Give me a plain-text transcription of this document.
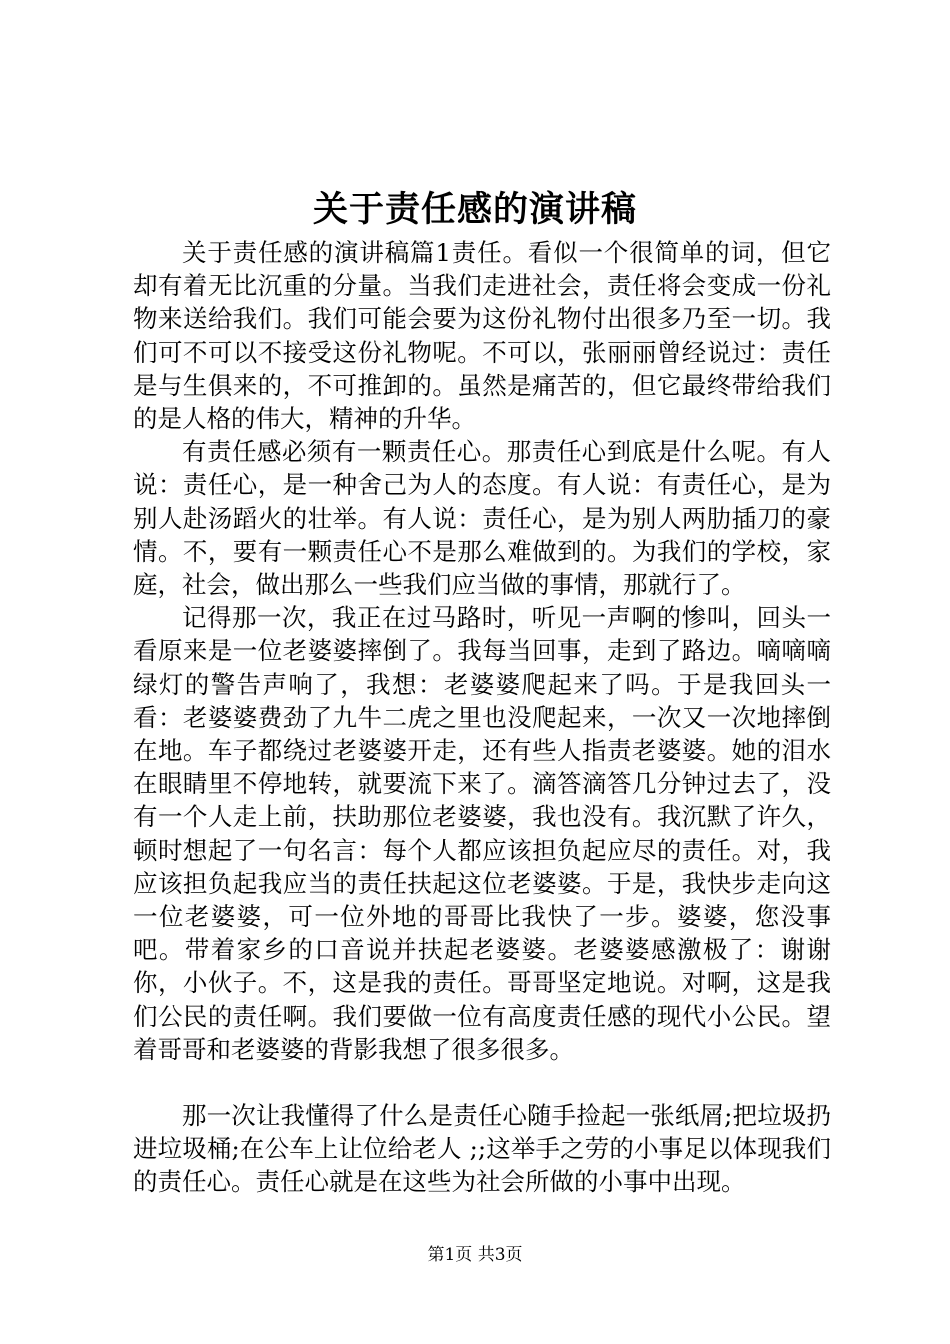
关于责任感的演讲稿

关于责任感的演讲稿篇1责任。看似一个很简单的词，但它却有着无比沉重的分量。当我们走进社会，责任将会变成一份礼物来送给我们。我们可能会要为这份礼物付出很多乃至一切。我们可不可以不接受这份礼物呢。不可以，张丽丽曾经说过：责任是与生俱来的，不可推卸的。虽然是痛苦的，但它最终带给我们的是人格的伟大，精神的升华。

有责任感必须有一颗责任心。那责任心到底是什么呢。有人说：责任心，是一种舍己为人的态度。有人说：有责任心，是为别人赴汤蹈火的壮举。有人说：责任心，是为别人两肋插刀的豪情。不，要有一颗责任心不是那么难做到的。为我们的学校，家庭，社会，做出那么一些我们应当做的事情，那就行了。

记得那一次，我正在过马路时，听见一声啊的惨叫，回头一看原来是一位老婆婆摔倒了。我每当回事，走到了路边。嘀嘀嘀绿灯的警告声响了，我想：老婆婆爬起来了吗。于是我回头一看：老婆婆费劲了九牛二虎之里也没爬起来，一次又一次地摔倒在地。车子都绕过老婆婆开走，还有些人指责老婆婆。她的泪水在眼睛里不停地转，就要流下来了。滴答滴答几分钟过去了，没有一个人走上前，扶助那位老婆婆，我也没有。我沉默了许久，顿时想起了一句名言：每个人都应该担负起应尽的责任。对，我应该担负起我应当的责任扶起这位老婆婆。于是，我快步走向这一位老婆婆，可一位外地的哥哥比我快了一步。婆婆，您没事吧。带着家乡的口音说并扶起老婆婆。老婆婆感激极了：谢谢你，小伙子。不，这是我的责任。哥哥坚定地说。对啊，这是我们公民的责任啊。我们要做一位有高度责任感的现代小公民。望着哥哥和老婆婆的背影我想了很多很多。

那一次让我懂得了什么是责任心随手捡起一张纸屑;把垃圾扔进垃圾桶;在公车上让位给老人 ;;这举手之劳的小事足以体现我们的责任心。责任心就是在这些为社会所做的小事中出现。

第1页 共3页
